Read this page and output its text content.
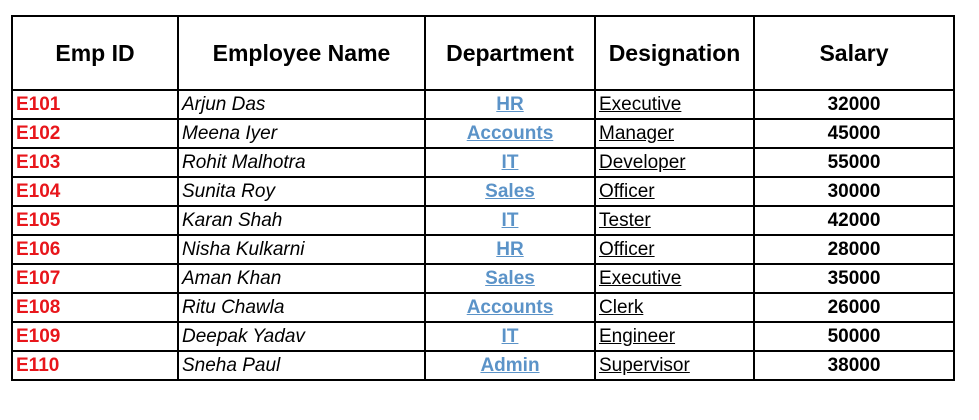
Emp ID	Employee Name	Department	Designation	Salary
E101	Arjun Das	HR	Executive	32000
E102	Meena Iyer	Accounts	Manager	45000
E103	Rohit Malhotra	IT	Developer	55000
E104	Sunita Roy	Sales	Officer	30000
E105	Karan Shah	IT	Tester	42000
E106	Nisha Kulkarni	HR	Officer	28000
E107	Aman Khan	Sales	Executive	35000
E108	Ritu Chawla	Accounts	Clerk	26000
E109	Deepak Yadav	IT	Engineer	50000
E110	Sneha Paul	Admin	Supervisor	38000
